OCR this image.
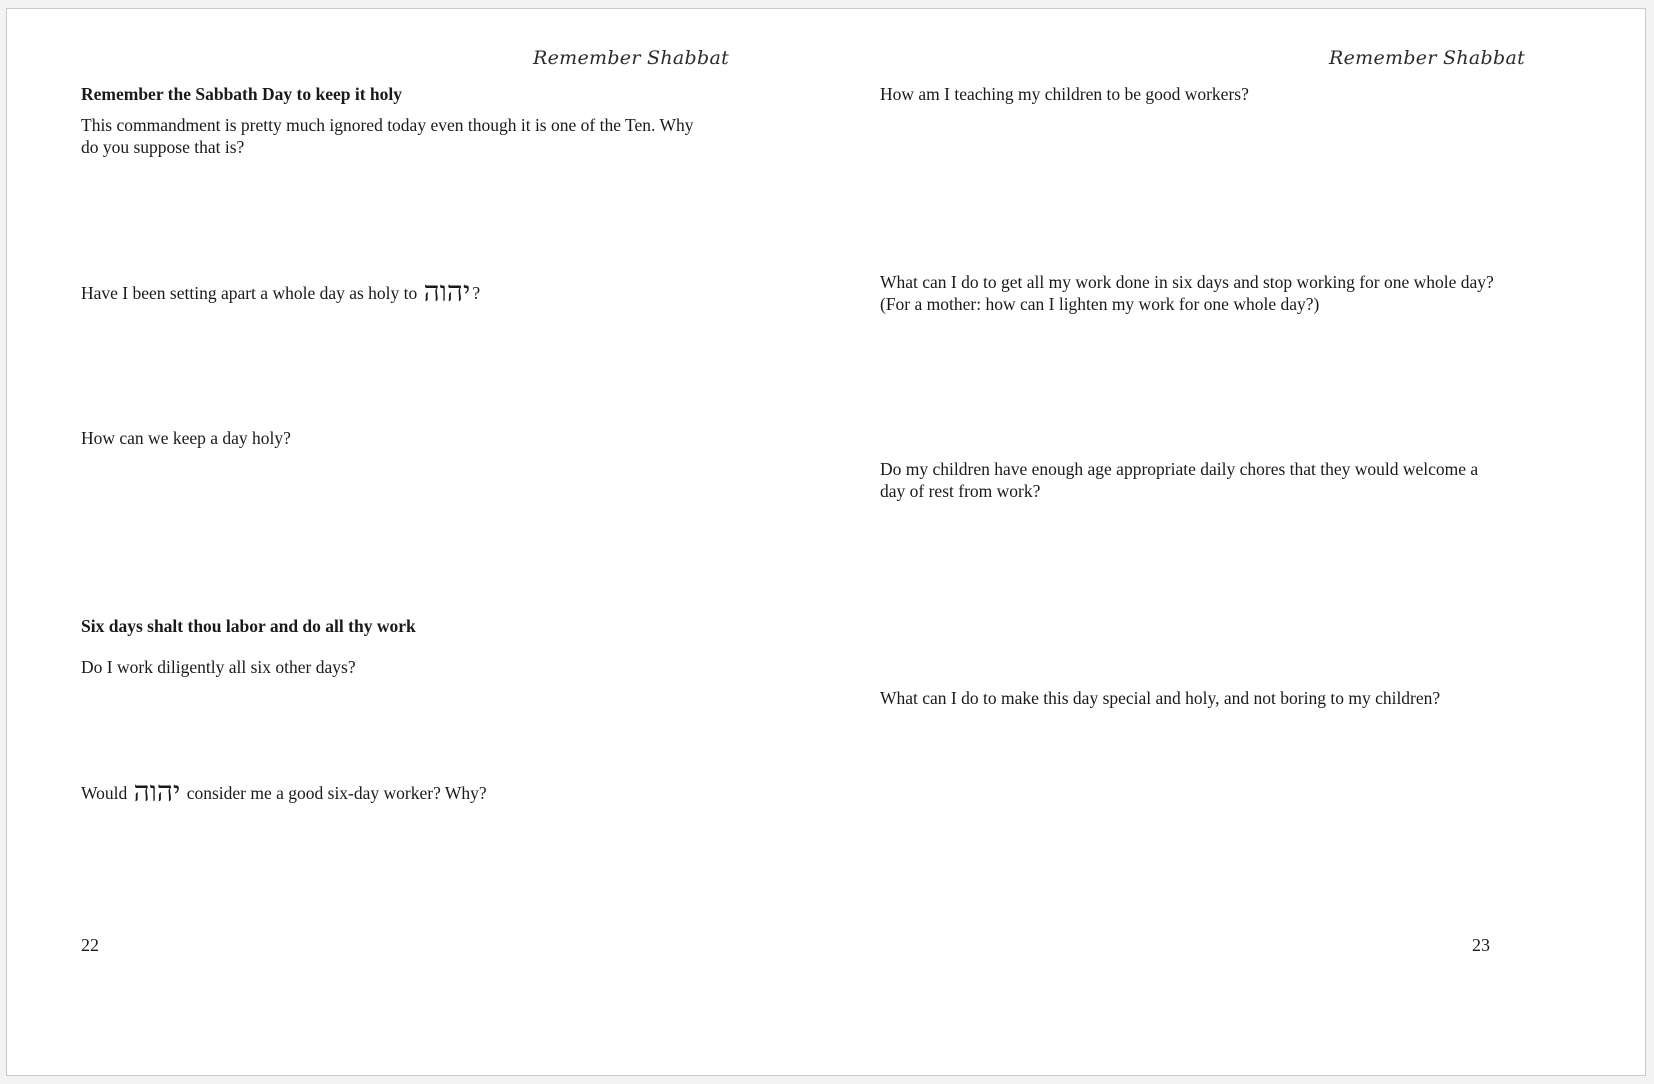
Remember Shabbat

Remember the Sabbath Day to keep it holy

This commandment is pretty much ignored today even though it is one of the Ten. Why do you suppose that is?

Have I been setting apart a whole day as holy to יהוה ?

How can we keep a day holy?

Six days shalt thou labor and do all thy work

Do I work diligently all six other days?

Would יהוה consider me a good six-day worker? Why?

22
Remember Shabbat

How am I teaching my children to be good workers?

What can I do to get all my work done in six days and stop working for one whole day?
(For a mother: how can I lighten my work for one whole day?)

Do my children have enough age appropriate daily chores that they would welcome a day of rest from work?

What can I do to make this day special and holy, and not boring to my children?

23
